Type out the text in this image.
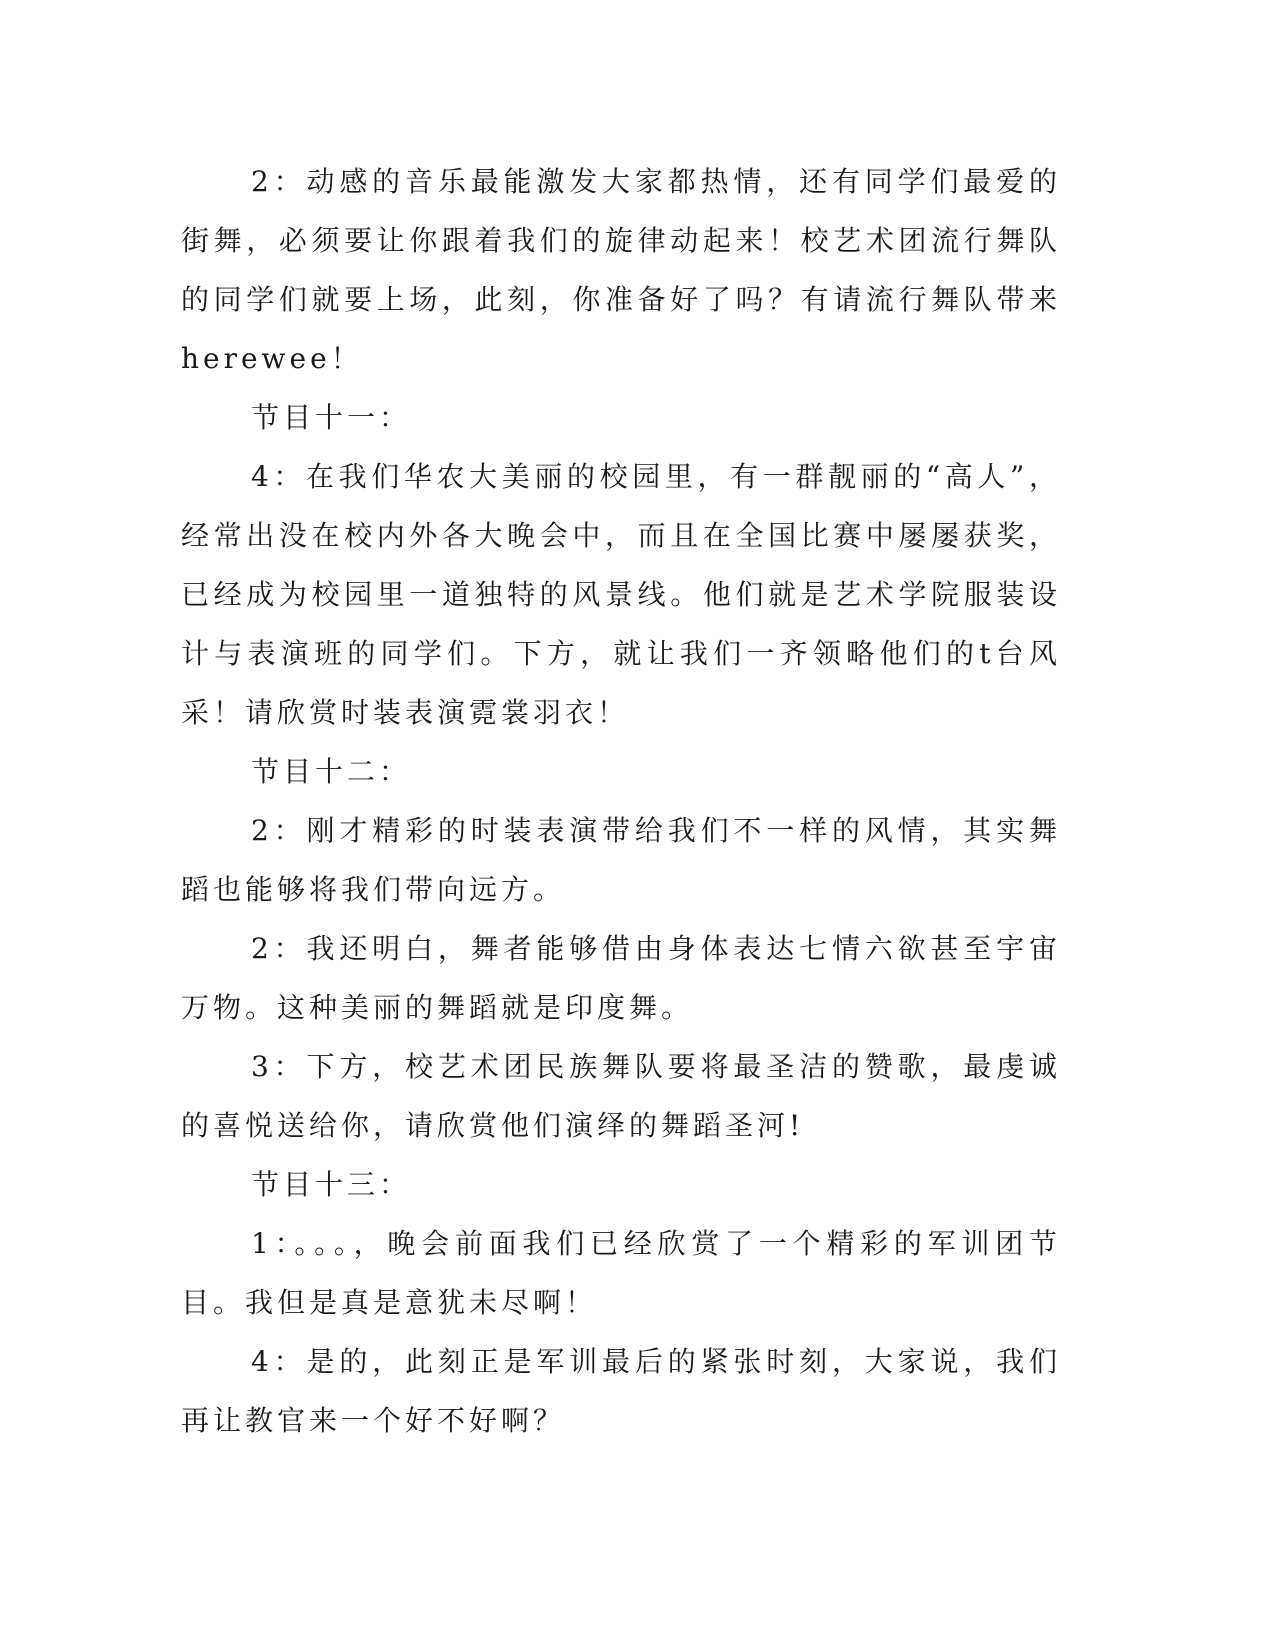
2：动感的音乐最能激发大家都热情，还有同学们最爱的街舞，必须要让你跟着我们的旋律动起来！校艺术团流行舞队的同学们就要上场，此刻，你准备好了吗？有请流行舞队带来herewee！

节目十一：

4：在我们华农大美丽的校园里，有一群靓丽的“高人”，经常出没在校内外各大晚会中，而且在全国比赛中屡屡获奖，已经成为校园里一道独特的风景线。他们就是艺术学院服装设计与表演班的同学们。下方，就让我们一齐领略他们的t台风采！请欣赏时装表演霓裳羽衣！

节目十二：

2：刚才精彩的时装表演带给我们不一样的风情，其实舞蹈也能够将我们带向远方。

2：我还明白，舞者能够借由身体表达七情六欲甚至宇宙万物。这种美丽的舞蹈就是印度舞。

3：下方，校艺术团民族舞队要将最圣洁的赞歌，最虔诚的喜悦送给你，请欣赏他们演绎的舞蹈圣河!

节目十三：

1：。。。，晚会前面我们已经欣赏了一个精彩的军训团节目。我但是真是意犹未尽啊！

4：是的，此刻正是军训最后的紧张时刻，大家说，我们再让教官来一个好不好啊？
